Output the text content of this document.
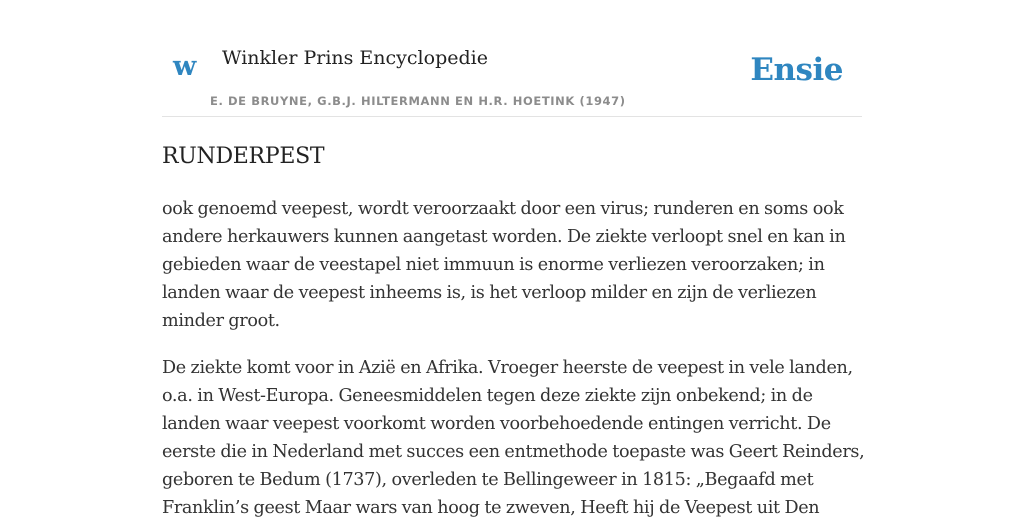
w Winkler Prins Encyclopedie
E. DE BRUYNE, G.B.J. HILTERMANN EN H.R. HOETINK (1947)
Ensie
RUNDERPEST

ook genoemd veepest, wordt veroorzaakt door een virus; runderen en soms ook
andere herkauwers kunnen aangetast worden. De ziekte verloopt snel en kan in
gebieden waar de veestapel niet immuun is enorme verliezen veroorzaken; in
landen waar de veepest inheems is, is het verloop milder en zijn de verliezen
minder groot.

De ziekte komt voor in Azië en Afrika. Vroeger heerste de veepest in vele landen,
o.a. in West-Europa. Geneesmiddelen tegen deze ziekte zijn onbekend; in de
landen waar veepest voorkomt worden voorbehoedende entingen verricht. De
eerste die in Nederland met succes een entmethode toepaste was Geert Reinders,
geboren te Bedum (1737), overleden te Bellingeweer in 1815: „Begaafd met
Franklin’s geest Maar wars van hoog te zweven, Heeft hij de Veepest uit Den
